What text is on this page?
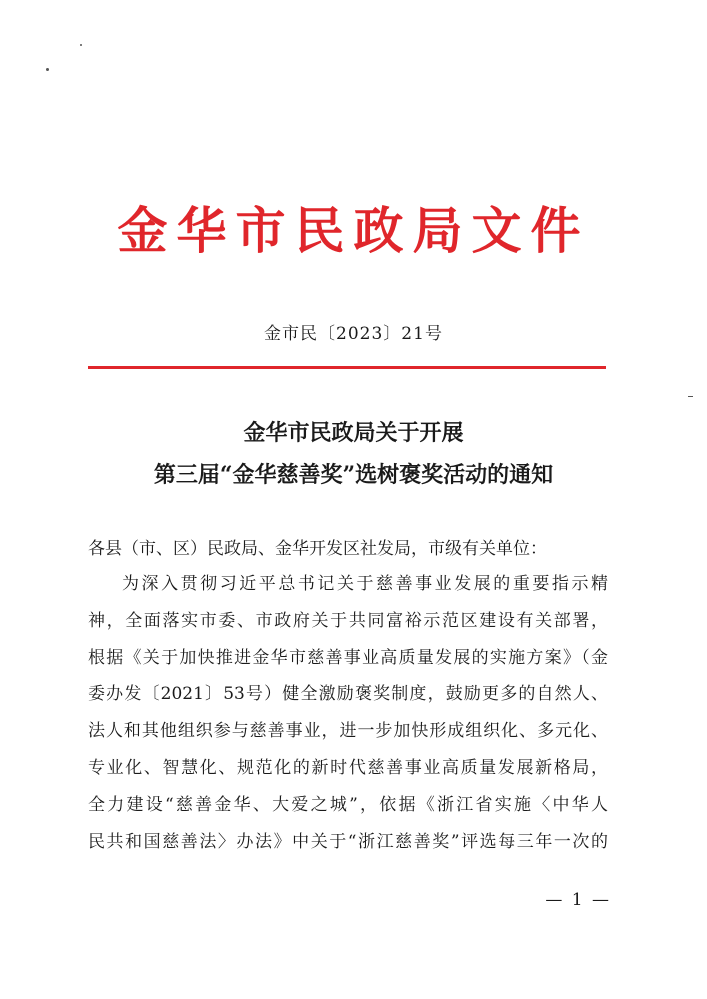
金华市民政局文件
金市民〔2023〕21号
金华市民政局关于开展
第三届“金华慈善奖”选树褒奖活动的通知
各县（市、区）民政局、金华开发区社发局，市级有关单位：
为深入贯彻习近平总书记关于慈善事业发展的重要指示精
神，全面落实市委、市政府关于共同富裕示范区建设有关部署，
根据《关于加快推进金华市慈善事业高质量发展的实施方案》（金
委办发〔2021〕53号）健全激励褒奖制度，鼓励更多的自然人、
法人和其他组织参与慈善事业，进一步加快形成组织化、多元化、
专业化、智慧化、规范化的新时代慈善事业高质量发展新格局，
全力建设“慈善金华、大爱之城”，依据《浙江省实施〈中华人
民共和国慈善法〉办法》中关于“浙江慈善奖”评选每三年一次的
— 1 —
